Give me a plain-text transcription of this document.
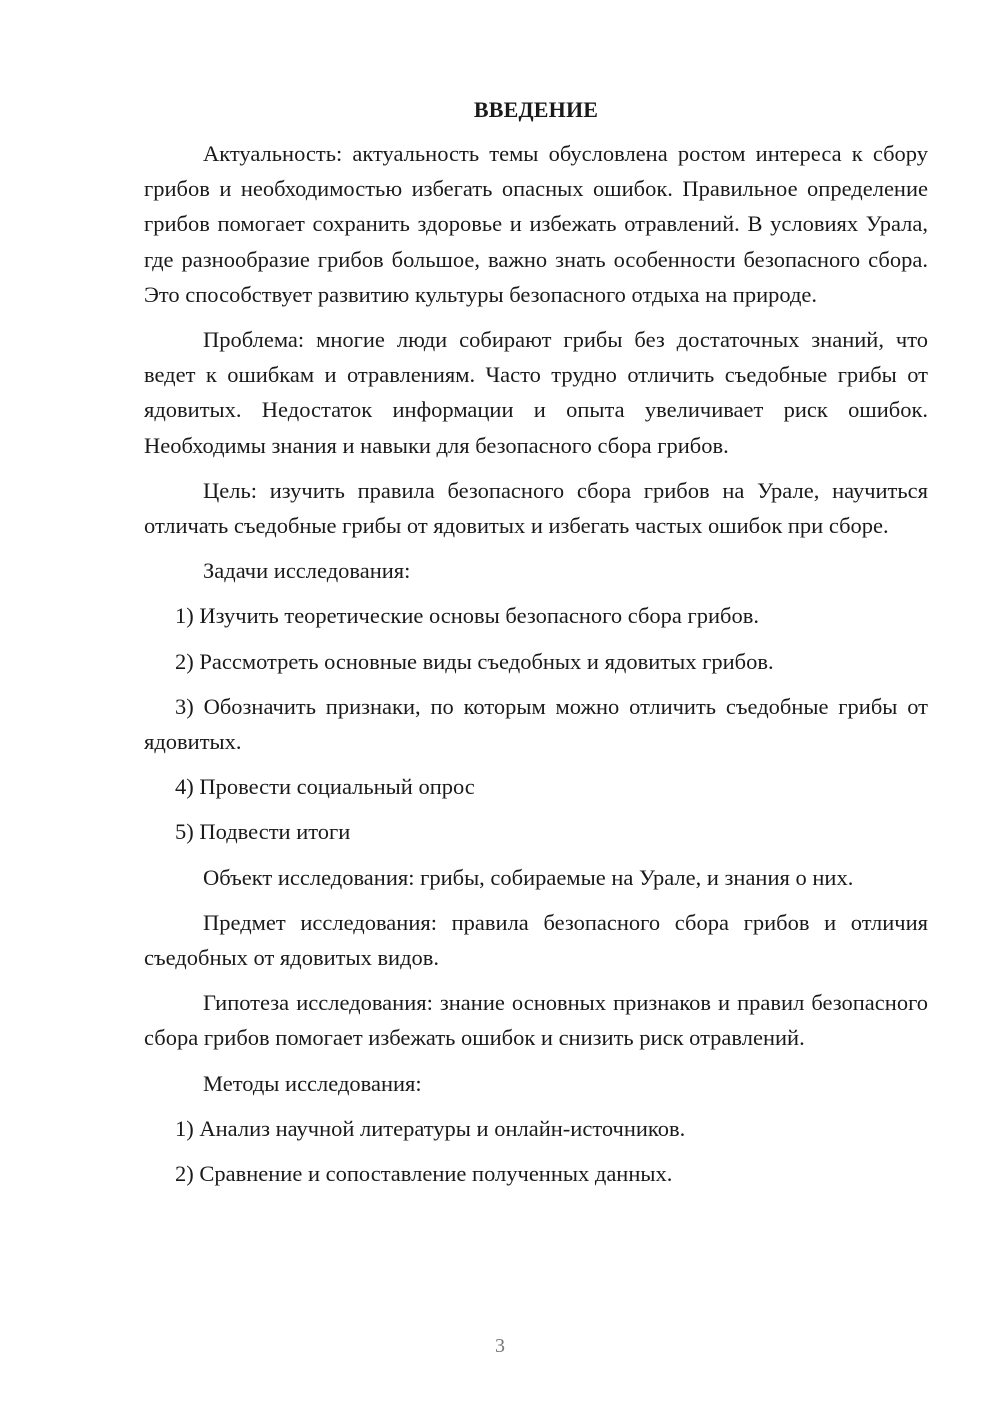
ВВЕДЕНИЕ

Актуальность: актуальность темы обусловлена ростом интереса к сбору грибов и необходимостью избегать опасных ошибок. Правильное определение грибов помогает сохранить здоровье и избежать отравлений. В условиях Урала, где разнообразие грибов большое, важно знать особенности безопасного сбора. Это способствует развитию культуры безопасного отдыха на природе.

Проблема: многие люди собирают грибы без достаточных знаний, что ведет к ошибкам и отравлениям. Часто трудно отличить съедобные грибы от ядовитых. Недостаток информации и опыта увеличивает риск ошибок. Необходимы знания и навыки для безопасного сбора грибов.

Цель: изучить правила безопасного сбора грибов на Урале, научиться отличать съедобные грибы от ядовитых и избегать частых ошибок при сборе.

Задачи исследования:

1) Изучить теоретические основы безопасного сбора грибов.

2) Рассмотреть основные виды съедобных и ядовитых грибов.

3) Обозначить признаки, по которым можно отличить съедобные грибы от ядовитых.

4) Провести социальный опрос

5) Подвести итоги

Объект исследования: грибы, собираемые на Урале, и знания о них.

Предмет исследования: правила безопасного сбора грибов и отличия съедобных от ядовитых видов.

Гипотеза исследования: знание основных признаков и правил безопасного сбора грибов помогает избежать ошибок и снизить риск отравлений.

Методы исследования:

1) Анализ научной литературы и онлайн-источников.

2) Сравнение и сопоставление полученных данных.

3
